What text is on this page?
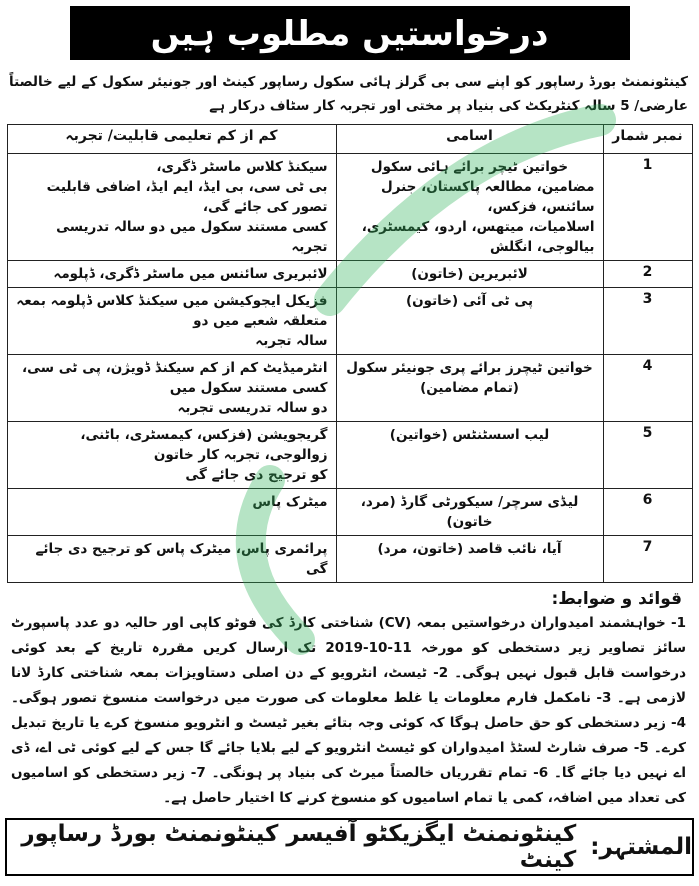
درخواستیں مطلوب ہیں
کینٹونمنٹ بورڈ رساپور کو اپنے سی بی گرلز ہائی سکول رساپور کینٹ اور جونیئر سکول کے لیے خالصتاً عارضی/ 5 سالہ کنٹریکٹ کی بنیاد پر مختی اور تجربہ کار سٹاف درکار ہے
نمبر شمار	اسامی	کم از کم تعلیمی قابلیت/ تجربہ
1	خواتین ٹیچر برائے ہائی سکول
مضامین، مطالعہ پاکستان، جنرل سائنس، فزکس،
اسلامیات، میتھس، اردو، کیمسٹری، بیالوجی، انگلش	سیکنڈ کلاس ماسٹر ڈگری،
بی ٹی سی، بی ایڈ، ایم ایڈ، اضافی قابلیت تصور کی جائے گی،
کسی مستند سکول میں دو سالہ تدریسی تجربہ

2	لائبریرین (خاتون)	لائبریری سائنس میں ماسٹر ڈگری، ڈپلومہ

3	پی ٹی آئی (خاتون)	فزیکل ایجوکیشن میں سیکنڈ کلاس ڈپلومہ بمعہ متعلقہ شعبے میں دو
سالہ تجربہ

4	خواتین ٹیچرز برائے پری جونیئر سکول (تمام مضامین)	انٹرمیڈیٹ کم از کم سیکنڈ ڈویژن، پی ٹی سی، کسی مستند سکول میں
دو سالہ تدریسی تجربہ

5	لیب اسسٹنٹس (خواتین)	گریجویشن (فزکس، کیمسٹری، باٹنی، زوالوجی، تجربہ کار خاتون
کو ترجیح دی جائے گی

6	لیڈی سرچر/ سیکورٹی گارڈ (مرد، خاتون)	میٹرک پاس

7	آیا، نائب قاصد (خاتون، مرد)	پرائمری پاس، میٹرک پاس کو ترجیح دی جائے گی
قوائد و ضوابط:
1- خواہشمند امیدواران درخواستیں بمعہ (CV) شناختی کارڈ کی فوٹو کاپی اور حالیہ دو عدد پاسپورٹ سائز تصاویر زیر دستخطی کو مورخہ 11-10-2019 تک ارسال کریں مقررہ تاریخ کے بعد کوئی درخواست قابل قبول نہیں ہوگی۔ 2- ٹیسٹ، انٹرویو کے دن اصلی دستاویزات بمعہ شناختی کارڈ لانا لازمی ہے۔ 3- نامکمل فارم معلومات یا غلط معلومات کی صورت میں درخواست منسوخ تصور ہوگی۔ 4- زیر دستخطی کو حق حاصل ہوگا کہ کوئی وجہ بتائے بغیر ٹیسٹ و انٹرویو منسوخ کرے یا تاریخ تبدیل کرے۔ 5- صرف شارٹ لسٹڈ امیدواران کو ٹیسٹ انٹرویو کے لیے بلایا جائے گا جس کے لیے کوئی ٹی اے، ڈی اے نہیں دیا جائے گا۔ 6- تمام تقرریاں خالصتاً میرٹ کی بنیاد پر ہونگی۔ 7- زیر دستخطی کو اسامیوں کی تعداد میں اضافہ، کمی یا تمام اسامیوں کو منسوخ کرنے کا اختیار حاصل ہے۔
المشتہر:
کینٹونمنٹ ایگزیکٹو آفیسر کینٹونمنٹ بورڈ رساپور کینٹ
